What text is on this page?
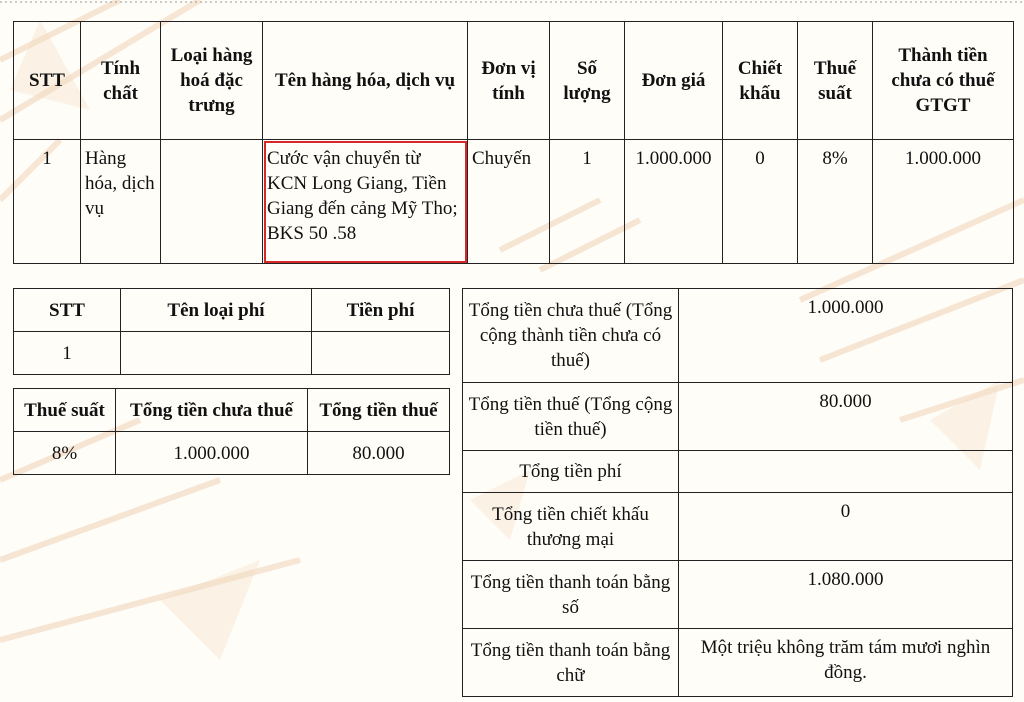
STT	Tính chất	Loại hàng hoá đặc trưng	Tên hàng hóa, dịch vụ	Đơn vị tính	Số lượng	Đơn giá	Chiết khấu	Thuế suất	Thành tiền chưa có thuế GTGT
1	Hàng hóa, dịch vụ		Cước vận chuyển từ KCN Long Giang, Tiền Giang đến cảng Mỹ Tho; BKS 50 .58	Chuyến	1	1.000.000	0	8%	1.000.000
STT	Tên loại phí	Tiền phí
1		
Thuế suất	Tổng tiền chưa thuế	Tổng tiền thuế
8%	1.000.000	80.000
Tổng tiền chưa thuế (Tổng cộng thành tiền chưa có thuế)	1.000.000
Tổng tiền thuế (Tổng cộng tiền thuế)	80.000
Tổng tiền phí	
Tổng tiền chiết khấu thương mại	0
Tổng tiền thanh toán bằng số	1.080.000
Tổng tiền thanh toán bằng chữ	Một triệu không trăm tám mươi nghìn đồng.
